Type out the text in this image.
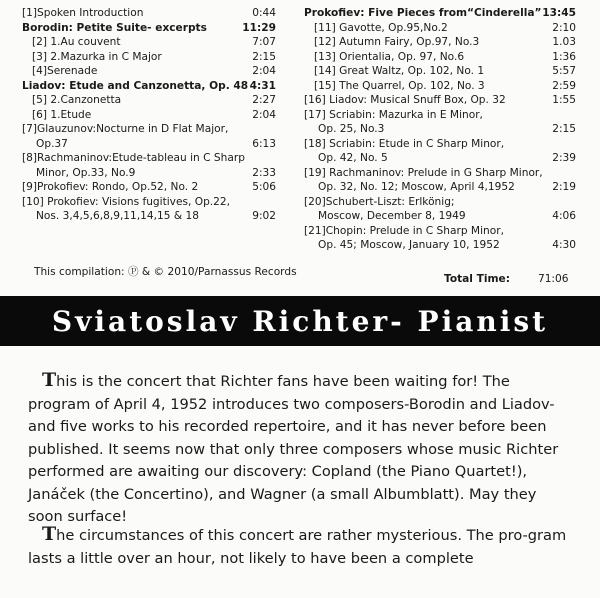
[1]Spoken Introduction	0:44
Borodin: Petite Suite- excerpts	11:29
[2] 1.Au couvent	7:07
[3] 2.Mazurka in C Major	2:15
[4]Serenade	2:04
Liadov: Etude and Canzonetta, Op. 48 4:31
[5] 2.Canzonetta	2:27
[6] 1.Etude	2:04
[7]Glauzunov:Nocturne in D Flat Major,
Op.37	6:13
[8]Rachmaninov:Etude-tableau in C Sharp
Minor, Op.33, No.9	2:33
[9]Prokofiev: Rondo, Op.52, No. 2	5:06
[10] Prokofiev: Visions fugitives, Op.22,
Nos. 3,4,5,6,8,9,11,14,15 & 18	9:02
Prokofiev: Five Pieces from“Cinderella” 13:45
[11] Gavotte, Op.95,No.2	2:10
[12] Autumn Fairy, Op.97, No.3	1.03
[13] Orientalia, Op. 97, No.6	1:36
[14] Great Waltz, Op. 102, No. 1	5:57
[15] The Quarrel, Op. 102, No. 3	2:59
[16] Liadov: Musical Snuff Box, Op. 32	1:55
[17] Scriabin: Mazurka in E Minor,
Op. 25, No.3	2:15
[18] Scriabin: Etude in C Sharp Minor,
Op. 42, No. 5	2:39
[19] Rachmaninov: Prelude in G Sharp Minor,
Op. 32, No. 12; Moscow, April 4,1952	2:19
[20]Schubert-Liszt: Erlkönig;
Moscow, December 8, 1949	4:06
[21]Chopin: Prelude in C Sharp Minor,
Op. 45; Moscow, January 10, 1952	4:30
This compilation: Ⓟ & © 2010/Parnassus Records
Total Time:	71:06
Sviatoslav Richter- Pianist
This is the concert that Richter fans have been waiting for! The program of April 4, 1952 introduces two composers-Borodin and Liadov- and five works to his recorded repertoire, and it has never before been published. It seems now that only three composers whose music Richter performed are awaiting our discovery: Copland (the Piano Quartet!), Janáček (the Concertino), and Wagner (a small Albumblatt). May they soon surface!
The circumstances of this concert are rather mysterious. The pro-gram lasts a little over an hour, not likely to have been a complete
